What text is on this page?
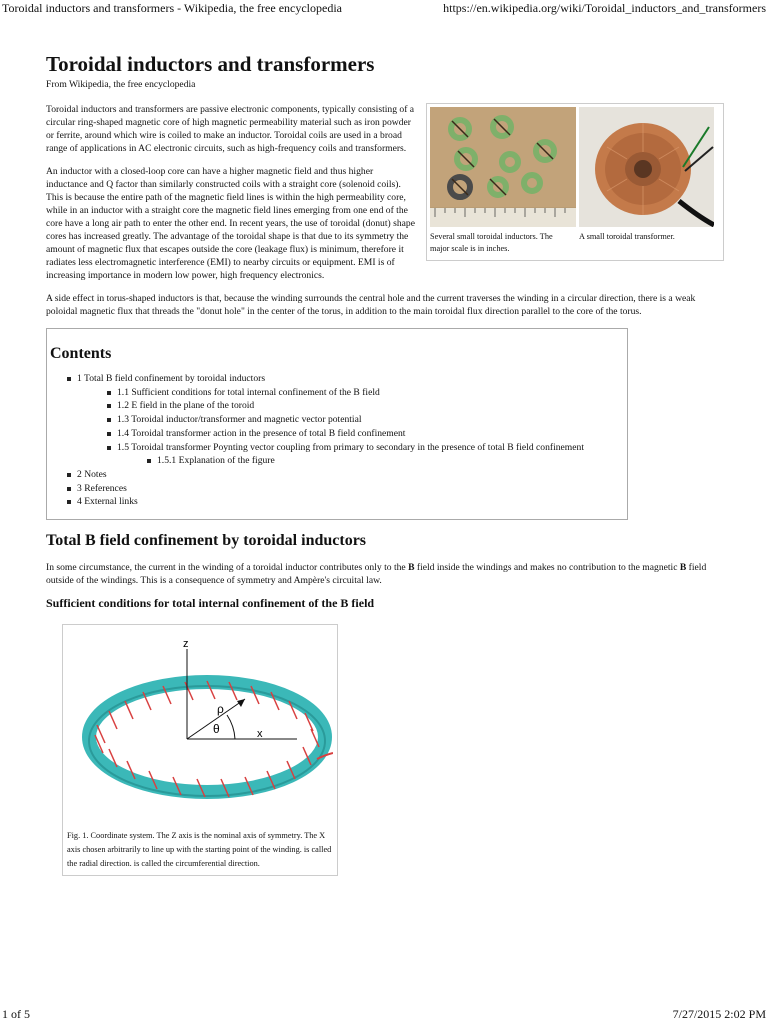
Toroidal inductors and transformers - Wikipedia, the free encyclopedia	https://en.wikipedia.org/wiki/Toroidal_inductors_and_transformers
Toroidal inductors and transformers
From Wikipedia, the free encyclopedia
Several small toroidal inductors. The major scale is in inches.
A small toroidal transformer.

Toroidal inductors and transformers are passive electronic components, typically consisting of a circular ring-shaped magnetic core of high magnetic permeability material such as iron powder or ferrite, around which wire is coiled to make an inductor. Toroidal coils are used in a broad range of applications in AC electronic circuits, such as high-frequency coils and transformers.

An inductor with a closed-loop core can have a higher magnetic field and thus higher inductance and Q factor than similarly constructed coils with a straight core (solenoid coils). This is because the entire path of the magnetic field lines is within the high permeability core, while in an inductor with a straight core the magnetic field lines emerging from one end of the core have a long air path to enter the other end. In recent years, the use of toroidal (donut) shape cores has increased greatly. The advantage of the toroidal shape is that due to its symmetry the amount of magnetic flux that escapes outside the core (leakage flux) is minimum, therefore it radiates less electromagnetic interference (EMI) to nearby circuits or equipment. EMI is of increasing importance in modern low power, high frequency electronics.

A side effect in torus-shaped inductors is that, because the winding surrounds the central hole and the current traverses the winding in a circular direction, there is a weak poloidal magnetic flux that threads the "donut hole" in the center of the torus, in addition to the main toroidal flux direction parallel to the core of the torus.

Contents
1 Total B field confinement by toroidal inductors
1.1 Sufficient conditions for total internal confinement of the B field
1.2 E field in the plane of the toroid
1.3 Toroidal inductor/transformer and magnetic vector potential
1.4 Toroidal transformer action in the presence of total B field confinement
1.5 Toroidal transformer Poynting vector coupling from primary to secondary in the presence of total B field confinement
1.5.1 Explanation of the figure
2 Notes
3 References
4 External links
Total B field confinement by toroidal inductors

In some circumstance, the current in the winding of a toroidal inductor contributes only to the B field inside the windings and makes no contribution to the magnetic B field outside of the windings. This is a consequence of symmetry and Ampère's circuital law.

Sufficient conditions for total internal confinement of the B field
z
x
ρ
θ
Fig. 1. Coordinate system. The Z axis is the nominal axis of symmetry. The X axis chosen arbitrarily to line up with the starting point of the winding. is called the radial direction. is called the circumferential direction.
1 of 5	7/27/2015 2:02 PM
